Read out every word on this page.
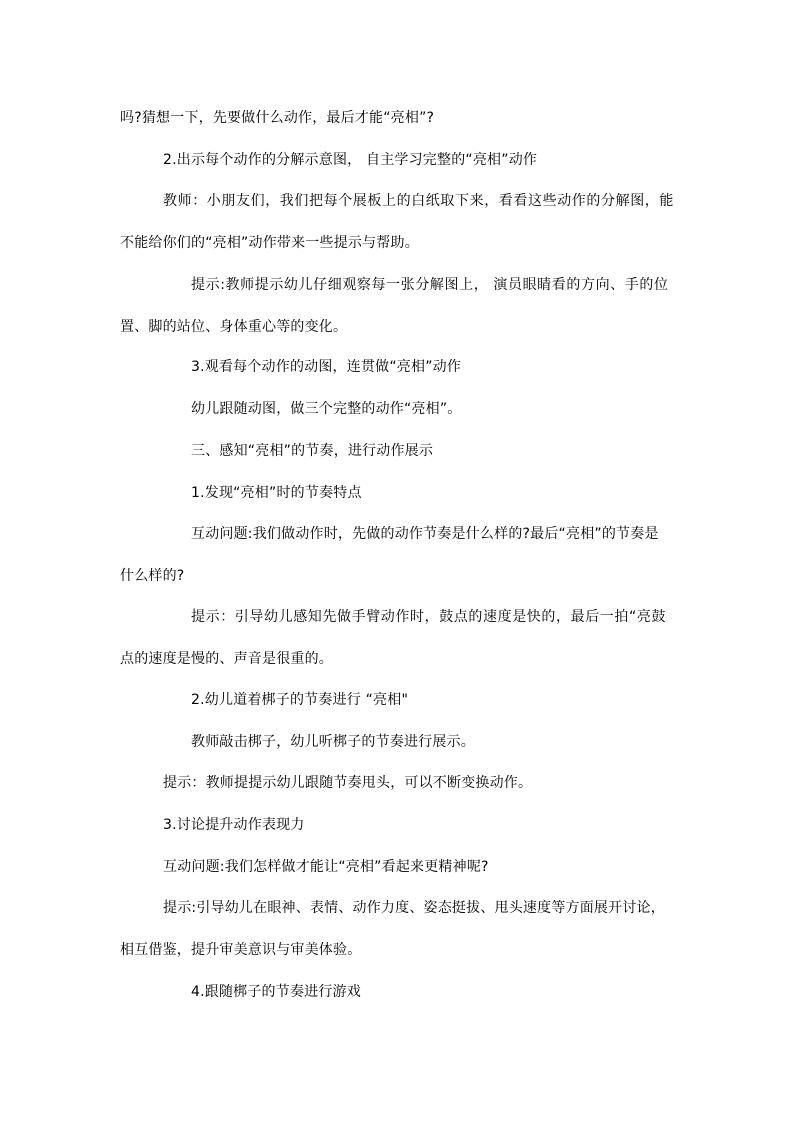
吗?猜想一下，先要做什么动作，最后才能“亮相”?
2.出示每个动作的分解示意图， 自主学习完整的“亮相”动作
教师：小朋友们，我们把每个展板上的白纸取下来，看看这些动作的分解图，能
不能给你们的“亮相”动作带来一些提示与帮助。
提示:教师提示幼儿仔细观察每一张分解图上， 演员眼睛看的方向、手的位
置、脚的站位、身体重心等的变化。
3.观看每个动作的动图，连贯做“亮相”动作
幼儿跟随动图，做三个完整的动作“亮相”。
三、感知“亮相”的节奏，进行动作展示
1.发现“亮相”时的节奏特点
互动问题:我们做动作时，先做的动作节奏是什么样的?最后“亮相”的节奏是
什么样的?
提示：引导幼儿感知先做手臂动作时，鼓点的速度是快的，最后一拍“亮鼓
点的速度是慢的、声音是很重的。
2.幼儿道着梆子的节奏进行 “亮相"
教师敲击梆子，幼儿听梆子的节奏进行展示。
提示：教师提提示幼儿跟随节奏甩头，可以不断变换动作。
3.讨论提升动作表现力
互动问题:我们怎样做才能让“亮相”看起来更精神呢?
提示:引导幼儿在眼神、表情、动作力度、姿态挺拔、甩头速度等方面展开讨论，
相互借鉴，提升审美意识与审美体验。
4.跟随梆子的节奏进行游戏
